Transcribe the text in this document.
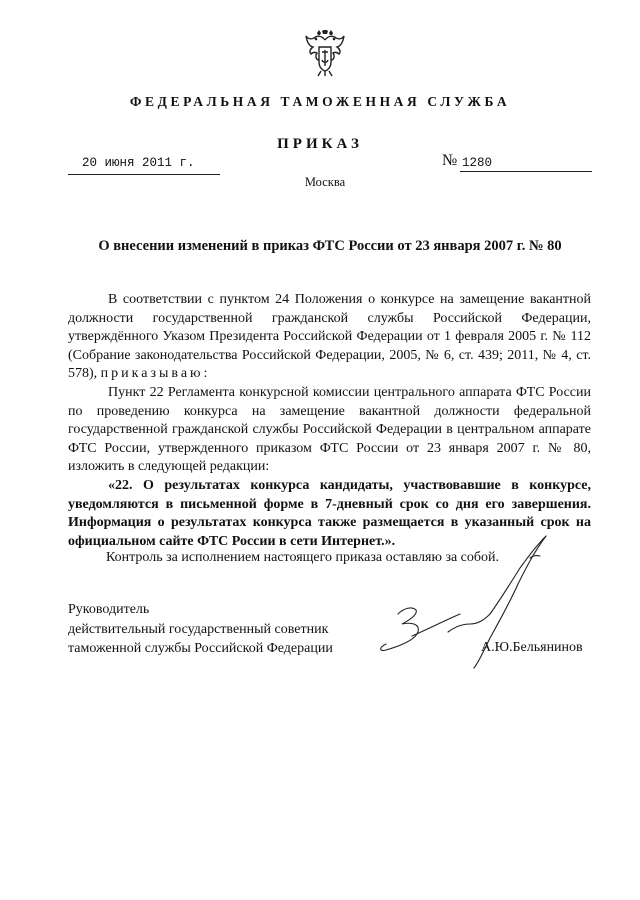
ФЕДЕРАЛЬНАЯ ТАМОЖЕННАЯ СЛУЖБА
ПРИКАЗ
20 июня 2011 г.	№ 1280
Москва
О внесении изменений в приказ ФТС России от 23 января 2007 г. № 80

В соответствии с пунктом 24 Положения о конкурсе на замещение вакантной должности государственной гражданской службы Российской Федерации, утверждённого Указом Президента Российской Федерации от 1 февраля 2005 г. № 112 (Собрание законодательства Российской Федерации, 2005, № 6, ст. 439; 2011, № 4, ст. 578), приказываю:

Пункт 22 Регламента конкурсной комиссии центрального аппарата ФТС России по проведению конкурса на замещение вакантной должности федеральной государственной гражданской службы Российской Федерации в центральном аппарате ФТС России, утвержденного приказом ФТС России от 23 января 2007 г. № 80, изложить в следующей редакции:

«22. О результатах конкурса кандидаты, участвовавшие в конкурсе, уведомляются в письменной форме в 7-дневный срок со дня его завершения. Информация о результатах конкурса также размещается в указанный срок на официальном сайте ФТС России в сети Интернет.».

Контроль за исполнением настоящего приказа оставляю за собой.
Руководитель
действительный государственный советник
таможенной службы Российской Федерации	А.Ю.Бельянинов
